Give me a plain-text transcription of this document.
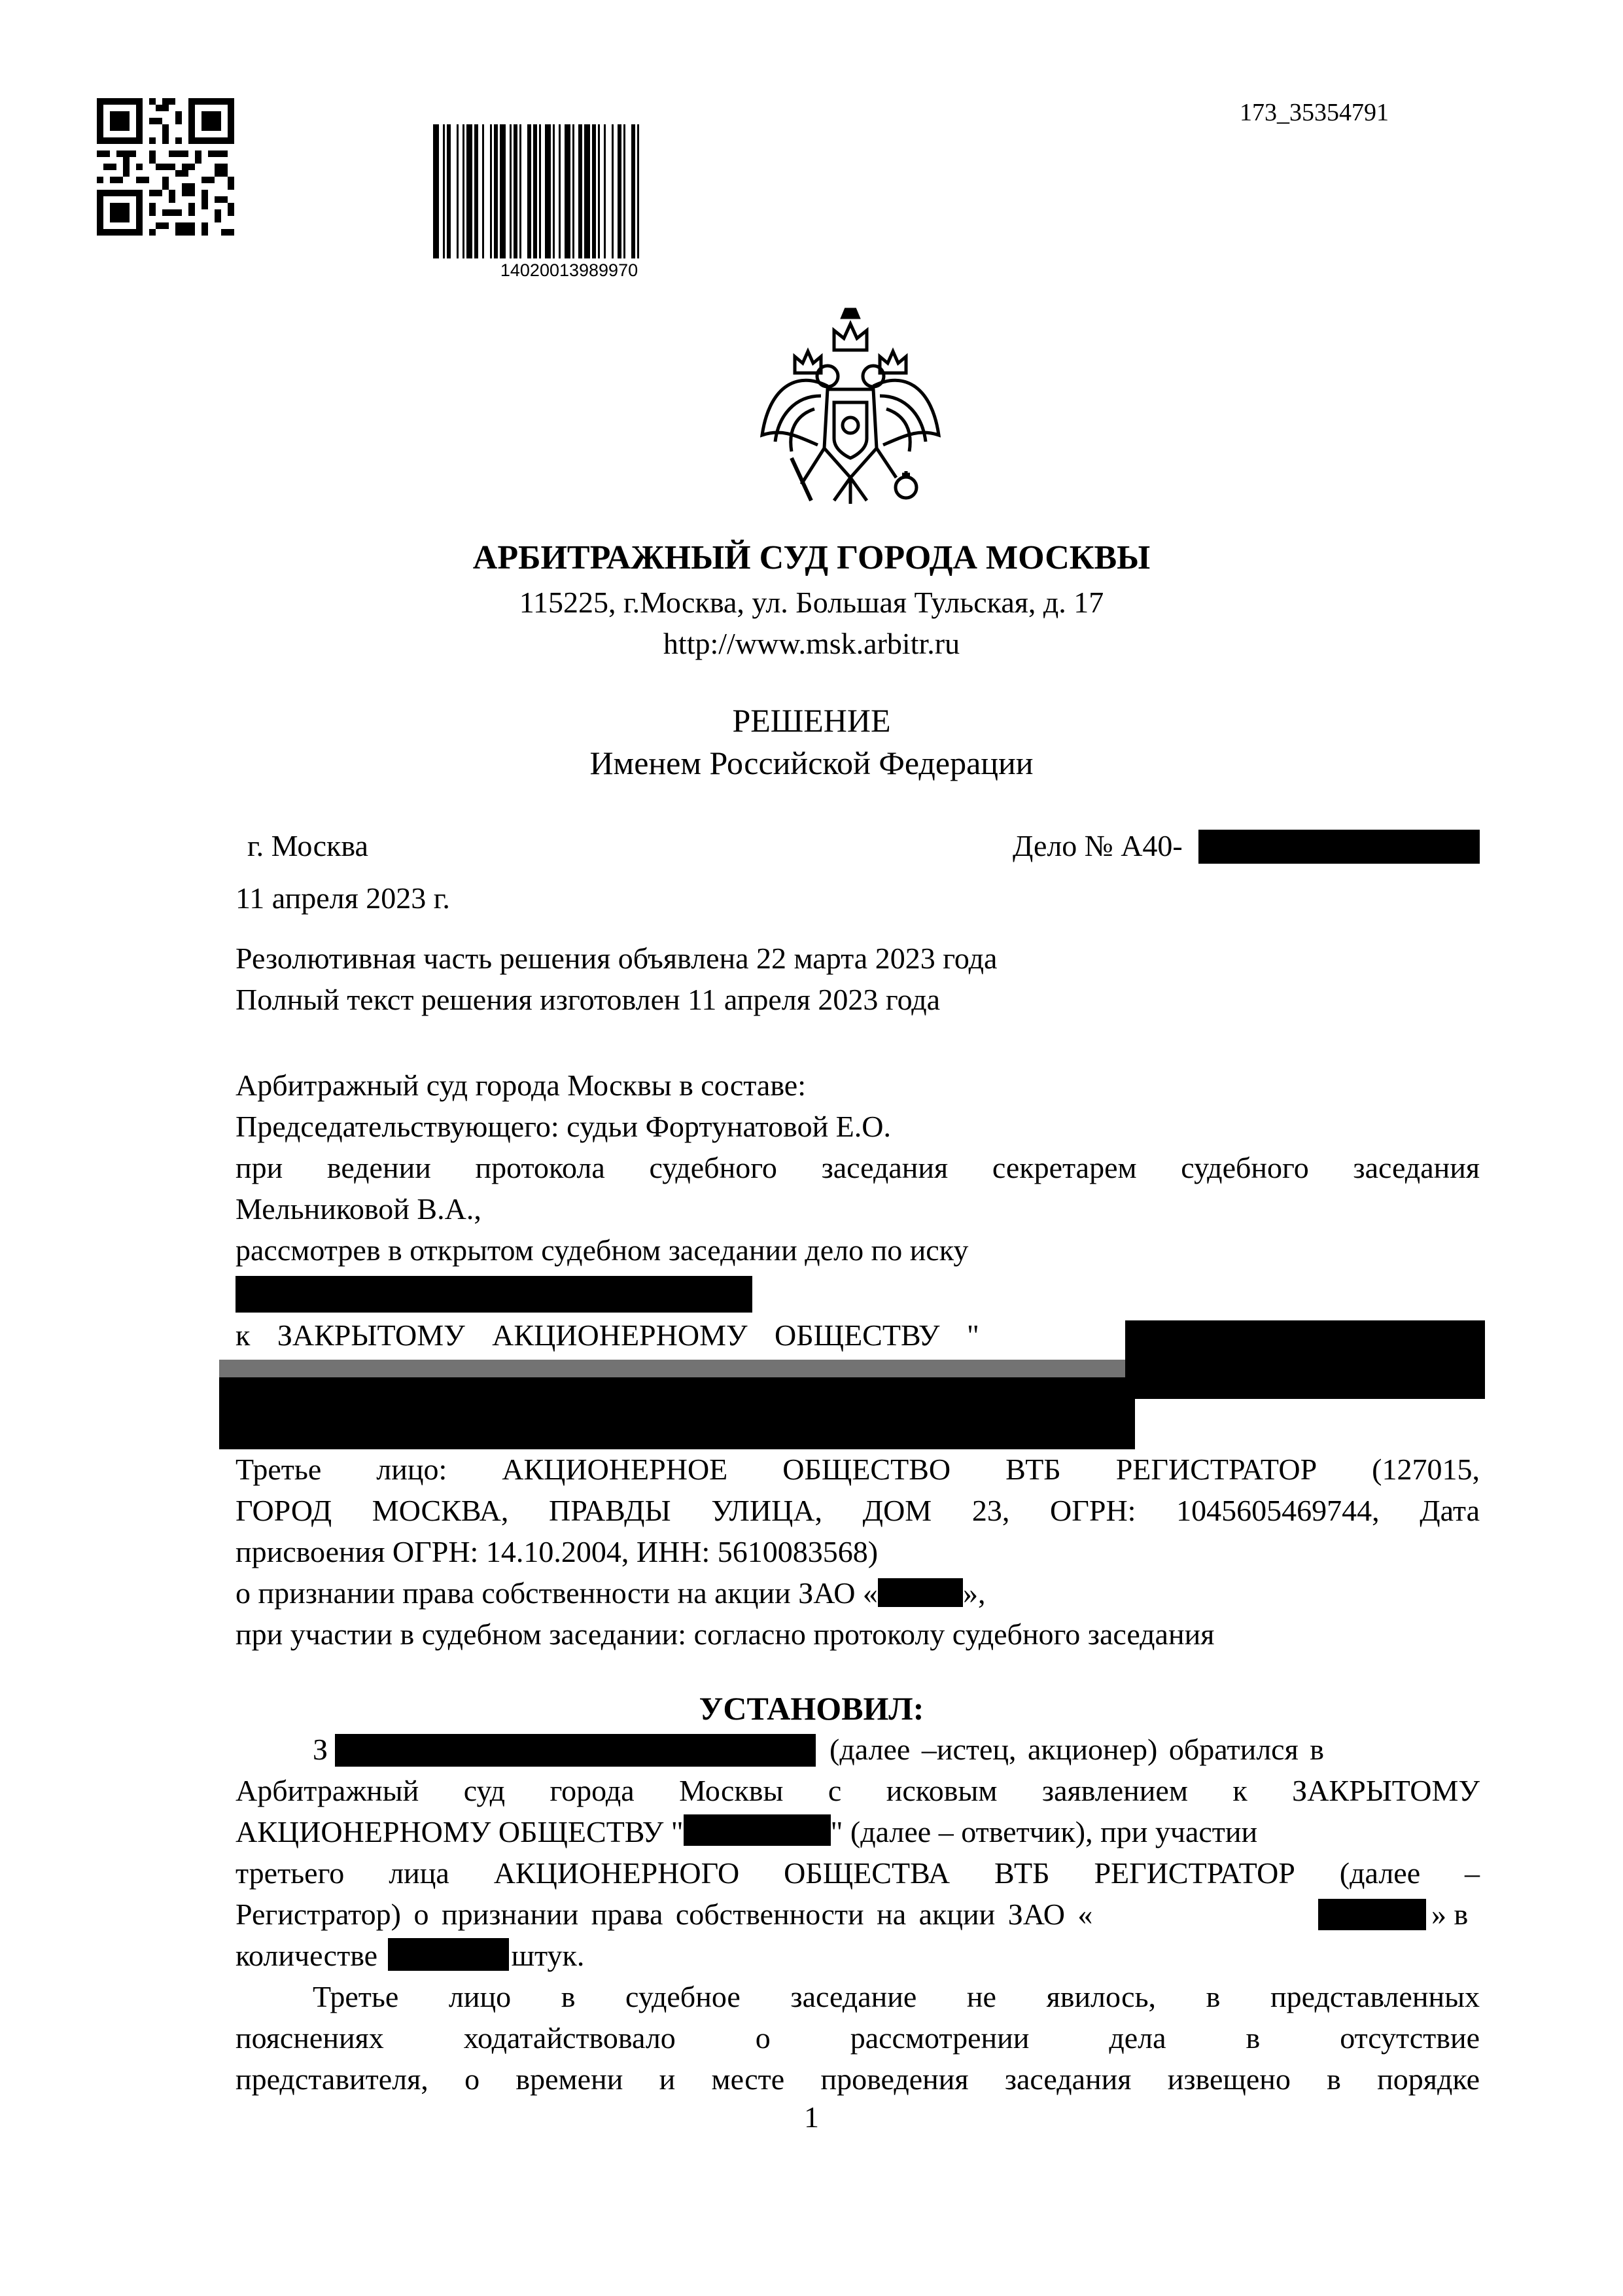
14020013989970
173_35354791
АРБИТРАЖНЫЙ СУД ГОРОДА МОСКВЫ
115225, г.Москва, ул. Большая Тульская, д. 17
http://www.msk.arbitr.ru
РЕШЕНИЕ
Именем Российской Федерации
г. Москва	Дело № А40-
11 апреля 2023 г.
Резолютивная часть решения объявлена 22 марта 2023 года
Полный текст решения изготовлен 11 апреля 2023 года
Арбитражный суд города Москвы в составе:
Председательствующего: судьи Фортунатовой Е.О.
при ведении протокола судебного заседания секретарем судебного заседания
Мельниковой В.А.,
рассмотрев в открытом судебном заседании дело по иску
к ЗАКРЫТОМУ АКЦИОНЕРНОМУ ОБЩЕСТВУ "
Третье лицо: АКЦИОНЕРНОЕ ОБЩЕСТВО ВТБ РЕГИСТРАТОР (127015,
ГОРОД МОСКВА, ПРАВДЫ УЛИЦА, ДОМ 23, ОГРН: 1045605469744, Дата
присвоения ОГРН: 14.10.2004, ИНН: 5610083568)
о признании права собственности на акции ЗАО «	»,
при участии в судебном заседании: согласно протоколу судебного заседания
УСТАНОВИЛ:
З	(далее –истец, акционер) обратился в
Арбитражный суд города Москвы с исковым заявлением к ЗАКРЫТОМУ
АКЦИОНЕРНОМУ ОБЩЕСТВУ "	" (далее – ответчик), при участии
третьего лица АКЦИОНЕРНОГО ОБЩЕСТВА ВТБ РЕГИСТРАТОР (далее –
Регистратор) о признании права собственности на акции ЗАО «	» в
количестве	штук.
Третье лицо в судебное заседание не явилось, в представленных
пояснениях ходатайствовало о рассмотрении дела в отсутствие
представителя, о времени и месте проведения заседания извещено в порядке
1
